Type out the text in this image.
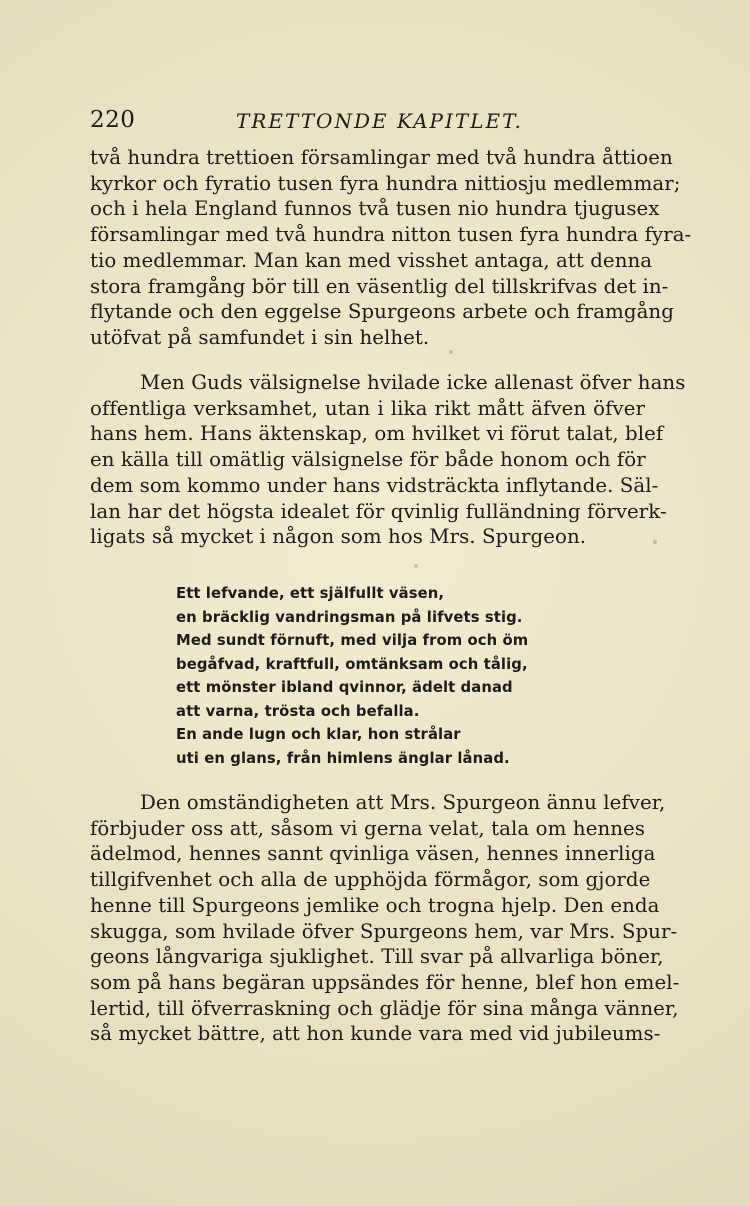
220	TRETTONDE KAPITLET.
två hundra trettioen församlingar med två hundra åttioen
kyrkor och fyratio tusen fyra hundra nittiosju medlemmar;
och i hela England funnos två tusen nio hundra tjugusex
församlingar med två hundra nitton tusen fyra hundra fyra-
tio medlemmar. Man kan med visshet antaga, att denna
stora framgång bör till en väsentlig del tillskrifvas det in-
flytande och den eggelse Spurgeons arbete och framgång
utöfvat på samfundet i sin helhet.
Men Guds välsignelse hvilade icke allenast öfver hans
offentliga verksamhet, utan i lika rikt mått äfven öfver
hans hem. Hans äktenskap, om hvilket vi förut talat, blef
en källa till omätlig välsignelse för både honom och för
dem som kommo under hans vidsträckta inflytande. Säl-
lan har det högsta idealet för qvinlig fulländning förverk-
ligats så mycket i någon som hos Mrs. Spurgeon.
Ett lefvande, ett själfullt väsen,
en bräcklig vandringsman på lifvets stig.
Med sundt förnuft, med vilja from och öm
begåfvad, kraftfull, omtänksam och tålig,
ett mönster ibland qvinnor, ädelt danad
att varna, trösta och befalla.
En ande lugn och klar, hon strålar
uti en glans, från himlens änglar lånad.
Den omständigheten att Mrs. Spurgeon ännu lefver,
förbjuder oss att, såsom vi gerna velat, tala om hennes
ädelmod, hennes sannt qvinliga väsen, hennes innerliga
tillgifvenhet och alla de upphöjda förmågor, som gjorde
henne till Spurgeons jemlike och trogna hjelp. Den enda
skugga, som hvilade öfver Spurgeons hem, var Mrs. Spur-
geons långvariga sjuklighet. Till svar på allvarliga böner,
som på hans begäran uppsändes för henne, blef hon emel-
lertid, till öfverraskning och glädje för sina många vänner,
så mycket bättre, att hon kunde vara med vid jubileums-
